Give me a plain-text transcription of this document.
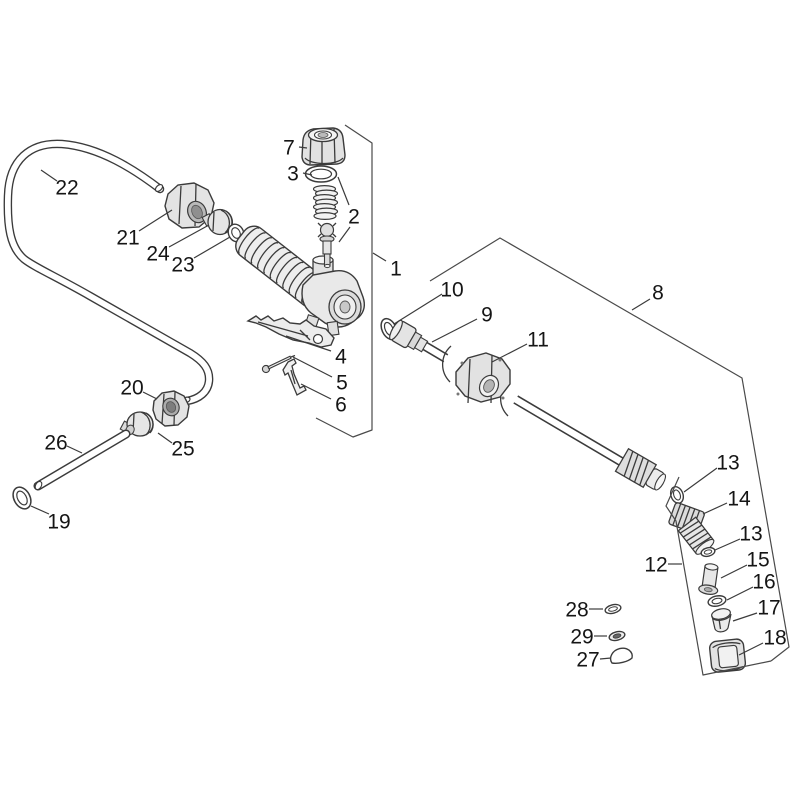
7
3
2
1
22
21
24 23
4
5
6
20
25
26
19
10
9
11
8
13
14
13
12	15
16
17
18
28
29
27
